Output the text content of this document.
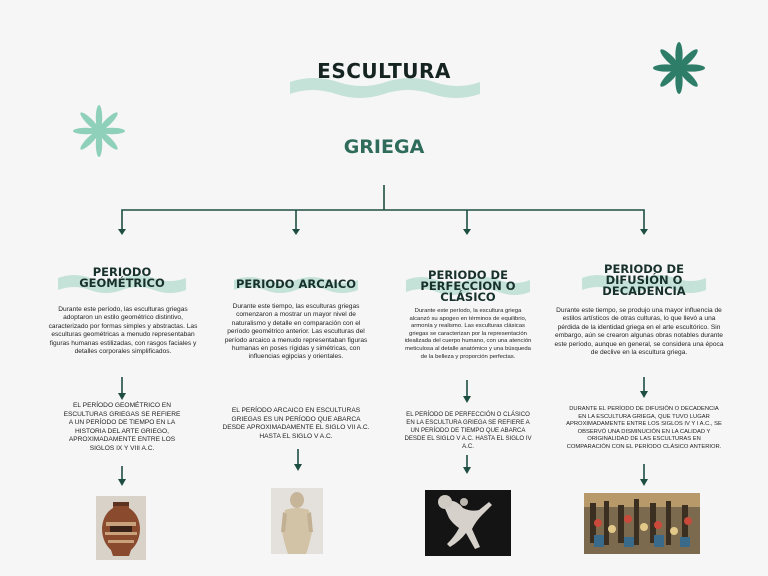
ESCULTURA
GRIEGA
PERIODO
GEOMÉTRICO
Durante este período, las esculturas griegas adoptaron un estilo geométrico distintivo, caracterizado por formas simples y abstractas. Las esculturas geométricas a menudo representaban figuras humanas estilizadas, con rasgos faciales y detalles corporales simplificados.
EL PERÍODO GEOMÉTRICO EN ESCULTURAS GRIEGAS SE REFIERE A UN PERÍODO DE TIEMPO EN LA HISTORIA DEL ARTE GRIEGO, APROXIMADAMENTE ENTRE LOS SIGLOS IX Y VIII A.C.
PERIODO ARCAICO
Durante este tiempo, las esculturas griegas comenzaron a mostrar un mayor nivel de naturalismo y detalle en comparación con el período geométrico anterior. Las esculturas del período arcaico a menudo representaban figuras humanas en poses rígidas y simétricas, con influencias egipcias y orientales.
EL PERÍODO ARCAICO EN ESCULTURAS GRIEGAS ES UN PERÍODO QUE ABARCA DESDE APROXIMADAMENTE EL SIGLO VII A.C. HASTA EL SIGLO V A.C.
PERIODO DE
PERFECCION O
CLÁSICO
Durante este período, la escultura griega alcanzó su apogeo en términos de equilibrio, armonía y realismo. Las esculturas clásicas griegas se caracterizan por la representación idealizada del cuerpo humano, con una atención meticulosa al detalle anatómico y una búsqueda de la belleza y proporción perfectas.
EL PERÍODO DE PERFECCIÓN O CLÁSICO EN LA ESCULTURA GRIEGA SE REFIERE A UN PERÍODO DE TIEMPO QUE ABARCA DESDE EL SIGLO V A.C. HASTA EL SIGLO IV A.C.
PERIODO DE
DIFUSIÓN O
DECADENCIA
Durante este tiempo, se produjo una mayor influencia de estilos artísticos de otras culturas, lo que llevó a una pérdida de la identidad griega en el arte escultórico. Sin embargo, aún se crearon algunas obras notables durante este período, aunque en general, se considera una época de declive en la escultura griega.
DURANTE EL PERÍODO DE DIFUSIÓN O DECADENCIA EN LA ESCULTURA GRIEGA, QUE TUVO LUGAR APROXIMADAMENTE ENTRE LOS SIGLOS IV Y I A.C., SE OBSERVÓ UNA DISMINUCIÓN EN LA CALIDAD Y ORIGINALIDAD DE LAS ESCULTURAS EN COMPARACIÓN CON EL PERÍODO CLÁSICO ANTERIOR.
